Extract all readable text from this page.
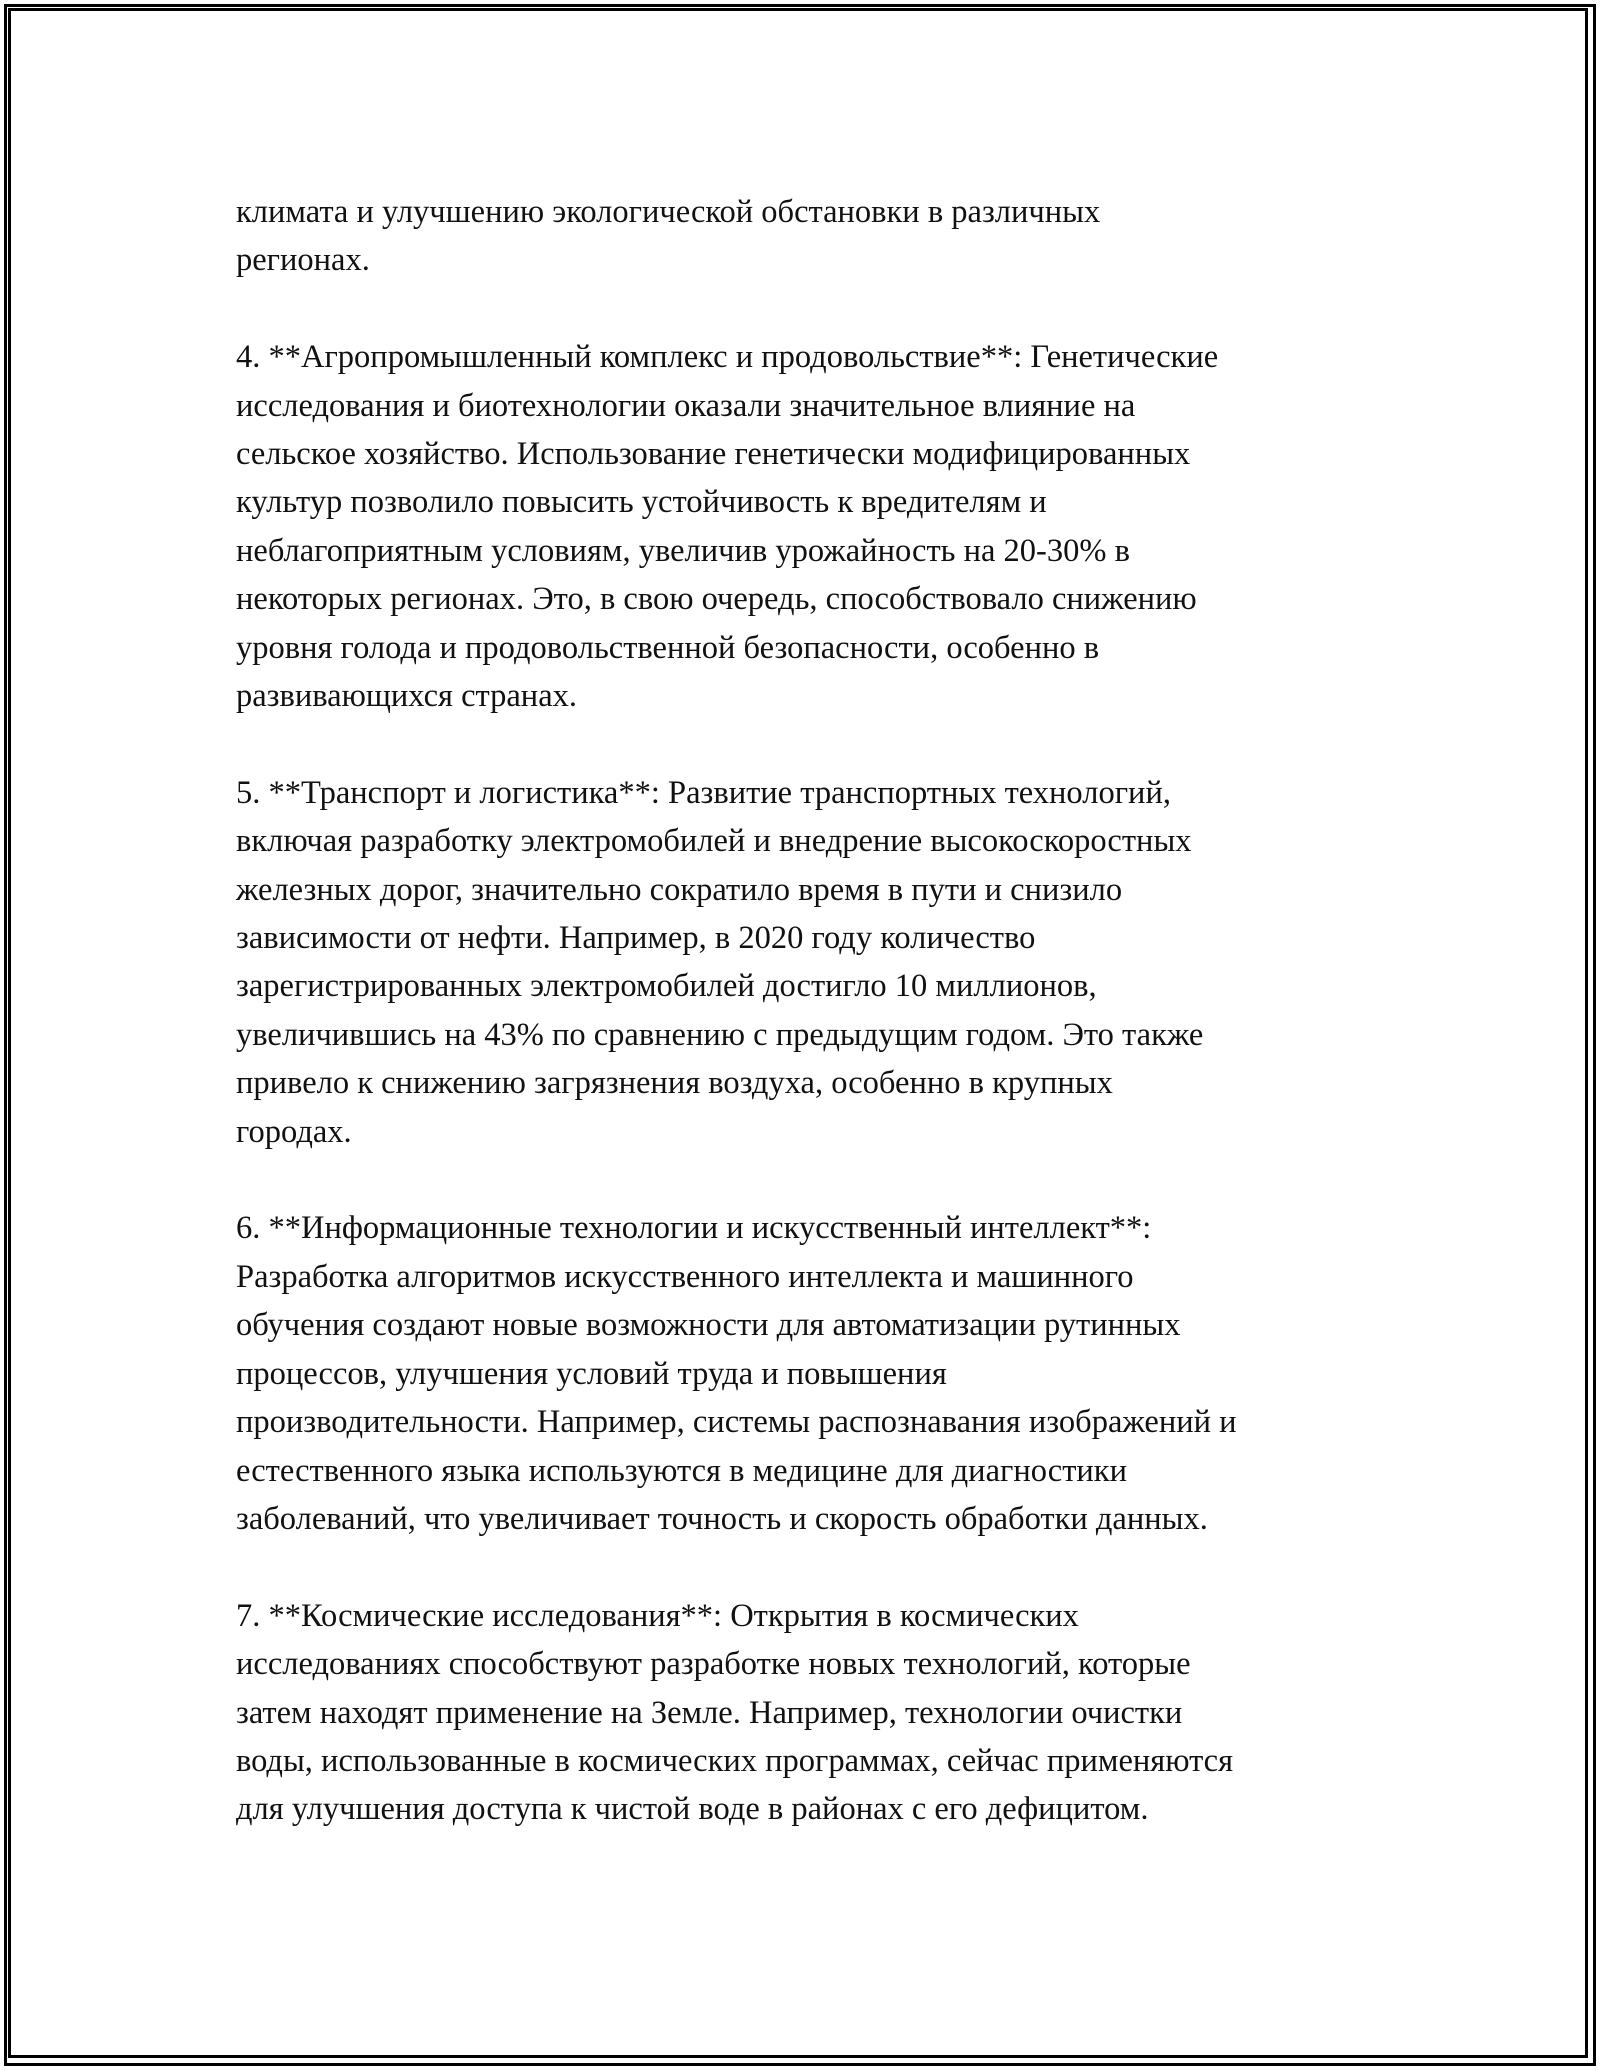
климата и улучшению экологической обстановки в различных
регионах.

4. **Агропромышленный комплекс и продовольствие**: Генетические
исследования и биотехнологии оказали значительное влияние на
сельское хозяйство. Использование генетически модифицированных
культур позволило повысить устойчивость к вредителям и
неблагоприятным условиям, увеличив урожайность на 20-30% в
некоторых регионах. Это, в свою очередь, способствовало снижению
уровня голода и продовольственной безопасности, особенно в
развивающихся странах.

5. **Транспорт и логистика**: Развитие транспортных технологий,
включая разработку электромобилей и внедрение высокоскоростных
железных дорог, значительно сократило время в пути и снизило
зависимости от нефти. Например, в 2020 году количество
зарегистрированных электромобилей достигло 10 миллионов,
увеличившись на 43% по сравнению с предыдущим годом. Это также
привело к снижению загрязнения воздуха, особенно в крупных
городах.

6. **Информационные технологии и искусственный интеллект**:
Разработка алгоритмов искусственного интеллекта и машинного
обучения создают новые возможности для автоматизации рутинных
процессов, улучшения условий труда и повышения
производительности. Например, системы распознавания изображений и
естественного языка используются в медицине для диагностики
заболеваний, что увеличивает точность и скорость обработки данных.

7. **Космические исследования**: Открытия в космических
исследованиях способствуют разработке новых технологий, которые
затем находят применение на Земле. Например, технологии очистки
воды, использованные в космических программах, сейчас применяются
для улучшения доступа к чистой воде в районах с его дефицитом.
